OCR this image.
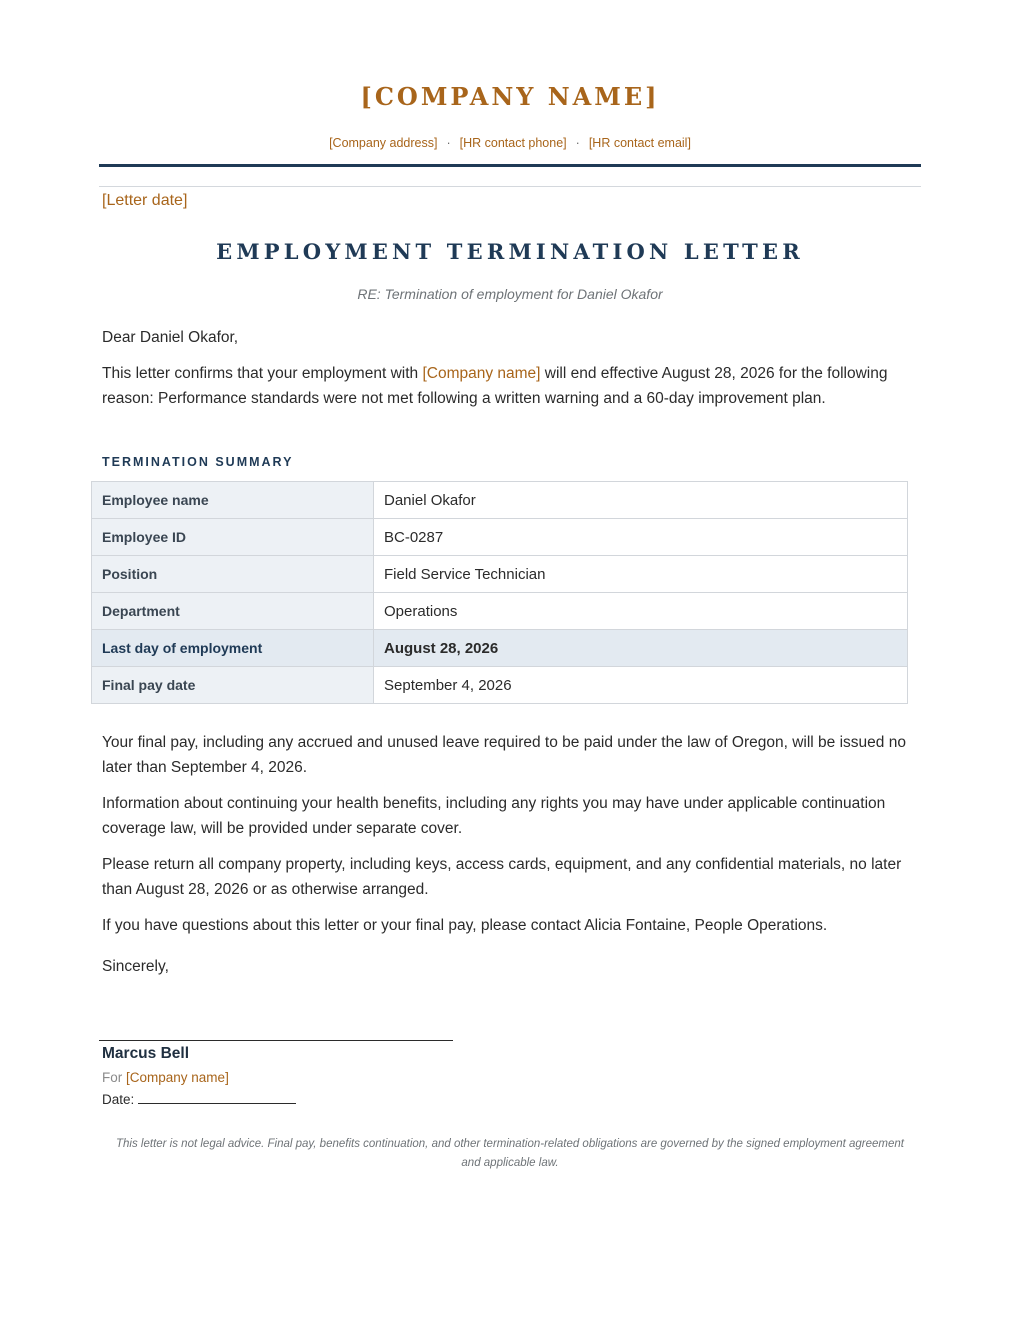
[COMPANY NAME]
[Company address] · [HR contact phone] · [HR contact email]
[Letter date]
EMPLOYMENT TERMINATION LETTER
RE: Termination of employment for Daniel Okafor
Dear Daniel Okafor,
This letter confirms that your employment with [Company name] will end effective August 28, 2026 for the following reason: Performance standards were not met following a written warning and a 60-day improvement plan.
TERMINATION SUMMARY
Employee name	Daniel Okafor
Employee ID	BC-0287
Position	Field Service Technician
Department	Operations
Last day of employment	August 28, 2026
Final pay date	September 4, 2026
Your final pay, including any accrued and unused leave required to be paid under the law of Oregon, will be issued no later than September 4, 2026.
Information about continuing your health benefits, including any rights you may have under applicable continuation coverage law, will be provided under separate cover.
Please return all company property, including keys, access cards, equipment, and any confidential materials, no later than August 28, 2026 or as otherwise arranged.
If you have questions about this letter or your final pay, please contact Alicia Fontaine, People Operations.
Sincerely,
Marcus Bell
For [Company name]
Date:
This letter is not legal advice. Final pay, benefits continuation, and other termination-related obligations are governed by the signed employment agreement and applicable law.
